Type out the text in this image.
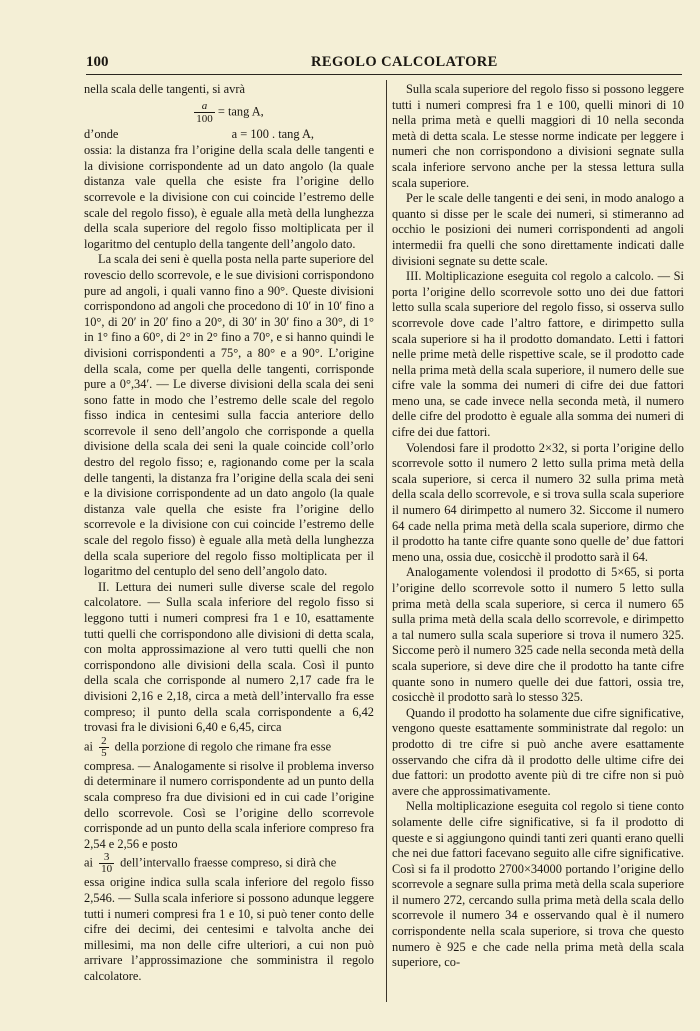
100	REGOLO CALCOLATORE

nella scala delle tangenti, si avrà

$\frac{a}{100} = \tan g$ A,
d’onde	a = 100 . tang A,

ossia: la distanza fra l’origine della scala delle tangenti e la divisione corrispondente ad un dato angolo (la quale distanza vale quella che esiste fra l’origine dello scorrevole e la divisione con cui coincide l’estremo delle scale del regolo fisso), è eguale alla metà della lunghezza della scala superiore del regolo fisso moltiplicata per il logaritmo del centuplo della tangente dell’angolo dato.

La scala dei seni è quella posta nella parte superiore del rovescio dello scorrevole, e le sue divisioni corrispondono pure ad angoli, i quali vanno fino a 90°. Queste divisioni corrispondono ad angoli che procedono di 10′ in 10′ fino a 10°, di 20′ in 20′ fino a 20°, di 30′ in 30′ fino a 30°, di 1° in 1° fino a 60°, di 2° in 2° fino a 70°, e si hanno quindi le divisioni corrispondenti a 75°, a 80° e a 90°. L’origine della scala, come per quella delle tangenti, corrisponde pure a 0°,34′. — Le diverse divisioni della scala dei seni sono fatte in modo che l’estremo delle scale del regolo fisso indica in centesimi sulla faccia anteriore dello scorrevole il seno dell’angolo che corrisponde a quella divisione della scala dei seni la quale coincide coll’orlo destro del regolo fisso; e, ragionando come per la scala delle tangenti, la distanza fra l’origine della scala dei seni e la divisione corrispondente ad un dato angolo (la quale distanza vale quella che esiste fra l’origine dello scorrevole e la divisione con cui coincide l’estremo delle scale del regolo fisso) è eguale alla metà della lunghezza della scala superiore del regolo fisso moltiplicata per il logaritmo del centuplo del seno dell’angolo dato.

II. Lettura dei numeri sulle diverse scale del regolo calcolatore. — Sulla scala inferiore del regolo fisso si leggono tutti i numeri compresi fra 1 e 10, esattamente tutti quelli che corrispondono alle divisioni di detta scala, con molta approssimazione al vero tutti quelli che non corrispondono alle divisioni della scala. Così il punto della scala che corrisponde al numero 2,17 cade fra le divisioni 2,16 e 2,18, circa a metà dell’intervallo fra esse compreso; il punto della scala corrispondente a 6,42 trovasi fra le divisioni 6,40 e 6,45, circa

ai $\frac{2}{5}$ della porzione di regolo che rimane fra esse

compresa. — Analogamente si risolve il problema inverso di determinare il numero corrispondente ad un punto della scala compreso fra due divisioni ed in cui cade l’origine dello scorrevole. Così se l’origine dello scorrevole corrisponde ad un punto della scala inferiore compreso fra 2,54 e 2,56 e posto

ai $\frac{3}{10}$ dell’intervallo fraesse compreso, si dirà che

essa origine indica sulla scala inferiore del regolo fisso 2,546. — Sulla scala inferiore si possono adunque leggere tutti i numeri compresi fra 1 e 10, si può tener conto delle cifre dei decimi, dei centesimi e talvolta anche dei millesimi, ma non delle cifre ulteriori, a cui non può arrivare l’approssimazione che somministra il regolo calcolatore.

Sulla scala superiore del regolo fisso si possono leggere tutti i numeri compresi fra 1 e 100, quelli minori di 10 nella prima metà e quelli maggiori di 10 nella seconda metà di detta scala. Le stesse norme indicate per leggere i numeri che non corrispondono a divisioni segnate sulla scala inferiore servono anche per la stessa lettura sulla scala superiore.

Per le scale delle tangenti e dei seni, in modo analogo a quanto si disse per le scale dei numeri, si stimeranno ad occhio le posizioni dei numeri corrispondenti ad angoli intermedii fra quelli che sono direttamente indicati dalle divisioni segnate su dette scale.

III. Moltiplicazione eseguita col regolo a calcolo. — Si porta l’origine dello scorrevole sotto uno dei due fattori letto sulla scala superiore del regolo fisso, si osserva sullo scorrevole dove cade l’altro fattore, e dirimpetto sulla scala superiore si ha il prodotto domandato. Letti i fattori nelle prime metà delle rispettive scale, se il prodotto cade nella prima metà della scala superiore, il numero delle sue cifre vale la somma dei numeri di cifre dei due fattori meno una, se cade invece nella seconda metà, il numero delle cifre del prodotto è eguale alla somma dei numeri di cifre dei due fattori.

Volendosi fare il prodotto 2×32, si porta l’origine dello scorrevole sotto il numero 2 letto sulla prima metà della scala superiore, si cerca il numero 32 sulla prima metà della scala dello scorrevole, e si trova sulla scala superiore il numero 64 dirimpetto al numero 32. Siccome il numero 64 cade nella prima metà della scala superiore, dirmo che il prodotto ha tante cifre quante sono quelle de’ due fattori meno una, ossia due, cosicchè il prodotto sarà il 64.

Analogamente volendosi il prodotto di 5×65, si porta l’origine dello scorrevole sotto il numero 5 letto sulla prima metà della scala superiore, si cerca il numero 65 sulla prima metà della scala dello scorrevole, e dirimpetto a tal numero sulla scala superiore si trova il numero 325. Siccome però il numero 325 cade nella seconda metà della scala superiore, si deve dire che il prodotto ha tante cifre quante sono in numero quelle dei due fattori, ossia tre, cosicchè il prodotto sarà lo stesso 325.

Quando il prodotto ha solamente due cifre significative, vengono queste esattamente somministrate dal regolo: un prodotto di tre cifre si può anche avere esattamente osservando che cifra dà il prodotto delle ultime cifre dei due fattori: un prodotto avente più di tre cifre non si può avere che approssimativamente.

Nella moltiplicazione eseguita col regolo si tiene conto solamente delle cifre significative, si fa il prodotto di queste e si aggiungono quindi tanti zeri quanti erano quelli che nei due fattori facevano seguito alle cifre significative. Così si fa il prodotto 2700×34000 portando l’origine dello scorrevole a segnare sulla prima metà della scala superiore il numero 272, cercando sulla prima metà della scala dello scorrevole il numero 34 e osservando qual è il numero corrispondente nella scala superiore, si trova che questo numero è 925 e che cade nella prima metà della scala superiore, co-
